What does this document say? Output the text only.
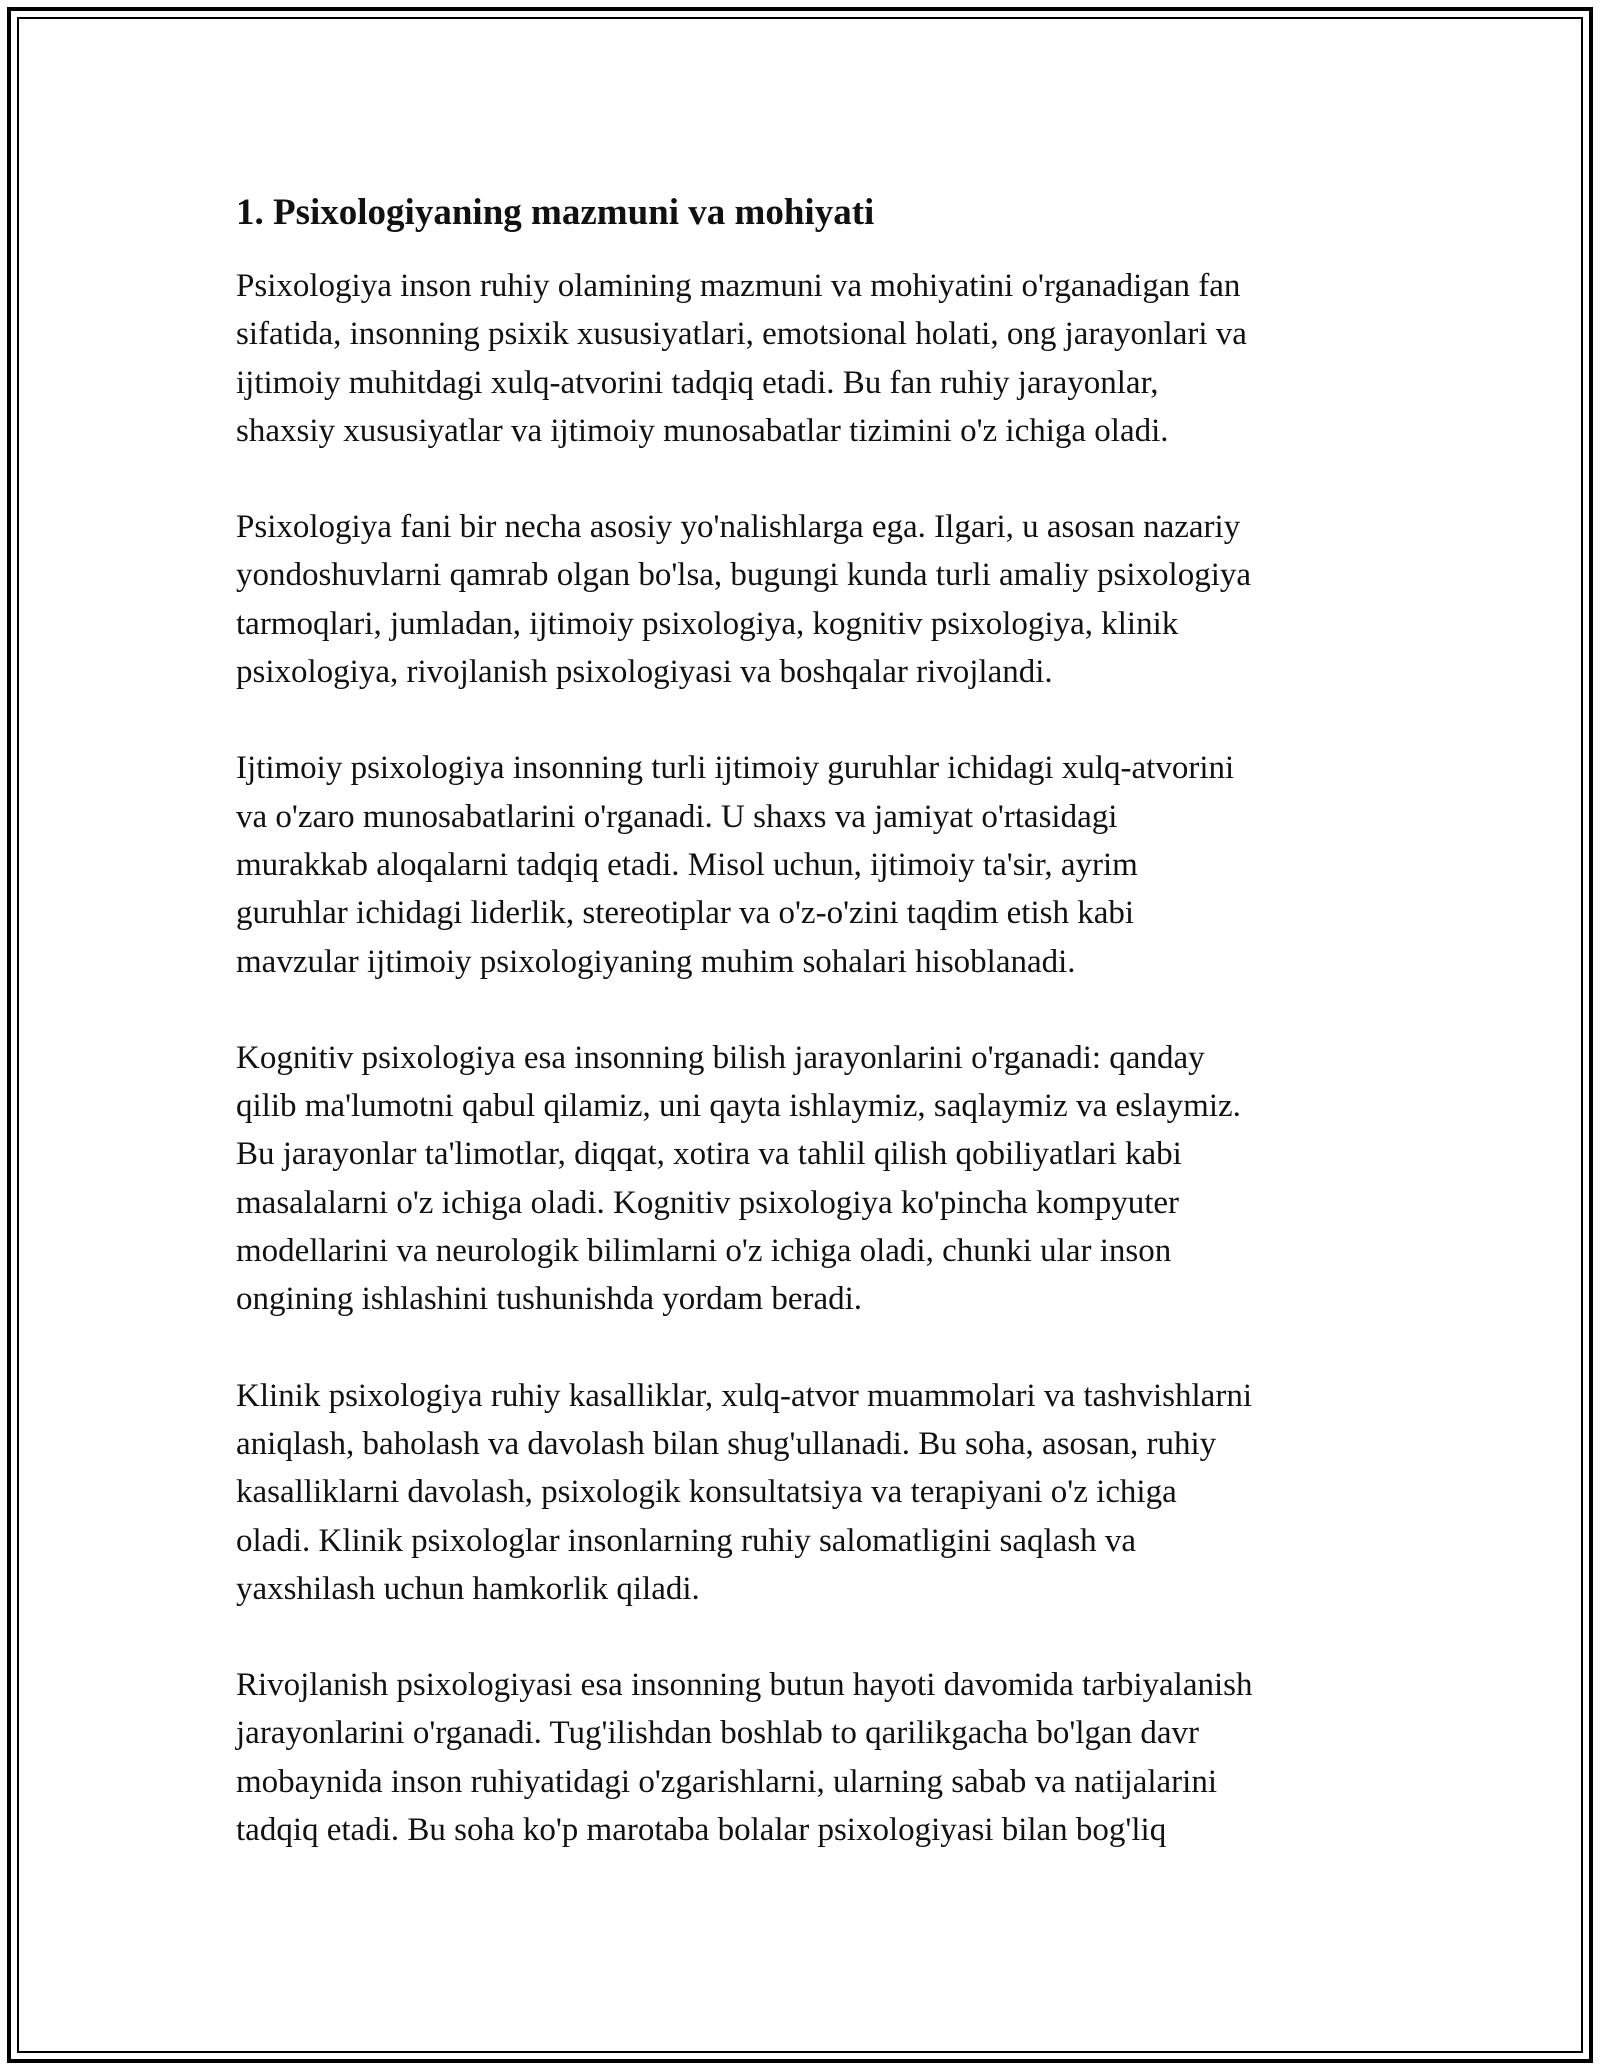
1. Psixologiyaning mazmuni va mohiyati
Psixologiya inson ruhiy olamining mazmuni va mohiyatini o'rganadigan fan
sifatida, insonning psixik xususiyatlari, emotsional holati, ong jarayonlari va
ijtimoiy muhitdagi xulq-atvorini tadqiq etadi. Bu fan ruhiy jarayonlar,
shaxsiy xususiyatlar va ijtimoiy munosabatlar tizimini o'z ichiga oladi.
Psixologiya fani bir necha asosiy yo'nalishlarga ega. Ilgari, u asosan nazariy
yondoshuvlarni qamrab olgan bo'lsa, bugungi kunda turli amaliy psixologiya
tarmoqlari, jumladan, ijtimoiy psixologiya, kognitiv psixologiya, klinik
psixologiya, rivojlanish psixologiyasi va boshqalar rivojlandi.
Ijtimoiy psixologiya insonning turli ijtimoiy guruhlar ichidagi xulq-atvorini
va o'zaro munosabatlarini o'rganadi. U shaxs va jamiyat o'rtasidagi
murakkab aloqalarni tadqiq etadi. Misol uchun, ijtimoiy ta'sir, ayrim
guruhlar ichidagi liderlik, stereotiplar va o'z-o'zini taqdim etish kabi
mavzular ijtimoiy psixologiyaning muhim sohalari hisoblanadi.
Kognitiv psixologiya esa insonning bilish jarayonlarini o'rganadi: qanday
qilib ma'lumotni qabul qilamiz, uni qayta ishlaymiz, saqlaymiz va eslaymiz.
Bu jarayonlar ta'limotlar, diqqat, xotira va tahlil qilish qobiliyatlari kabi
masalalarni o'z ichiga oladi. Kognitiv psixologiya ko'pincha kompyuter
modellarini va neurologik bilimlarni o'z ichiga oladi, chunki ular inson
ongining ishlashini tushunishda yordam beradi.
Klinik psixologiya ruhiy kasalliklar, xulq-atvor muammolari va tashvishlarni
aniqlash, baholash va davolash bilan shug'ullanadi. Bu soha, asosan, ruhiy
kasalliklarni davolash, psixologik konsultatsiya va terapiyani o'z ichiga
oladi. Klinik psixologlar insonlarning ruhiy salomatligini saqlash va
yaxshilash uchun hamkorlik qiladi.
Rivojlanish psixologiyasi esa insonning butun hayoti davomida tarbiyalanish
jarayonlarini o'rganadi. Tug'ilishdan boshlab to qarilikgacha bo'lgan davr
mobaynida inson ruhiyatidagi o'zgarishlarni, ularning sabab va natijalarini
tadqiq etadi. Bu soha ko'p marotaba bolalar psixologiyasi bilan bog'liq
